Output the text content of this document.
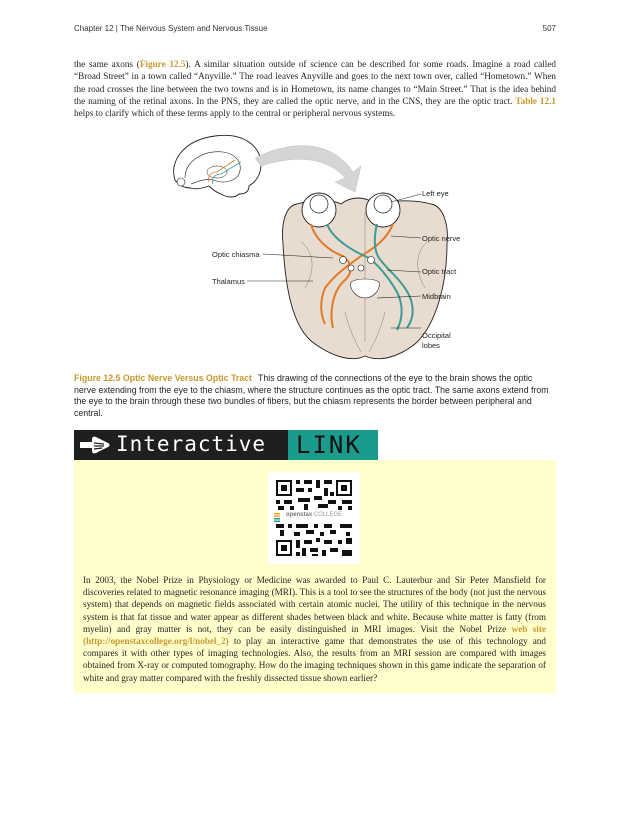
Chapter 12 | The Nervous System and Nervous Tissue	507

the same axons (Figure 12.5). A similar situation outside of science can be described for some roads. Imagine a road called “Broad Street” in a town called “Anyville.” The road leaves Anyville and goes to the next town over, called “Hometown.” When the road crosses the line between the two towns and is in Hometown, its name changes to “Main Street.” That is the idea behind the naming of the retinal axons. In the PNS, they are called the optic nerve, and in the CNS, they are the optic tract. Table 12.1 helps to clarify which of these terms apply to the central or peripheral nervous systems.

Left eye
Optic nerve
Optic chiasma
Optic tract
Thalamus
Midbrain
Occipital
lobes

Figure 12.5 Optic Nerve Versus Optic Tract This drawing of the connections of the eye to the brain shows the optic nerve extending from the eye to the chiasm, where the structure continues as the optic tract. The same axons extend from the eye to the brain through these two bundles of fibers, but the chiasm represents the border between peripheral and central.

Interactive LINK
openstax COLLEGE

In 2003, the Nobel Prize in Physiology or Medicine was awarded to Paul C. Lauterbur and Sir Peter Mansfield for discoveries related to magnetic resonance imaging (MRI). This is a tool to see the structures of the body (not just the nervous system) that depends on magnetic fields associated with certain atomic nuclei. The utility of this technique in the nervous system is that fat tissue and water appear as different shades between black and white. Because white matter is fatty (from myelin) and gray matter is not, they can be easily distinguished in MRI images. Visit the Nobel Prize web site (http://openstaxcollege.org/l/nobel_2) to play an interactive game that demonstrates the use of this technology and compares it with other types of imaging technologies. Also, the results from an MRI session are compared with images obtained from X-ray or computed tomography. How do the imaging techniques shown in this game indicate the separation of white and gray matter compared with the freshly dissected tissue shown earlier?
